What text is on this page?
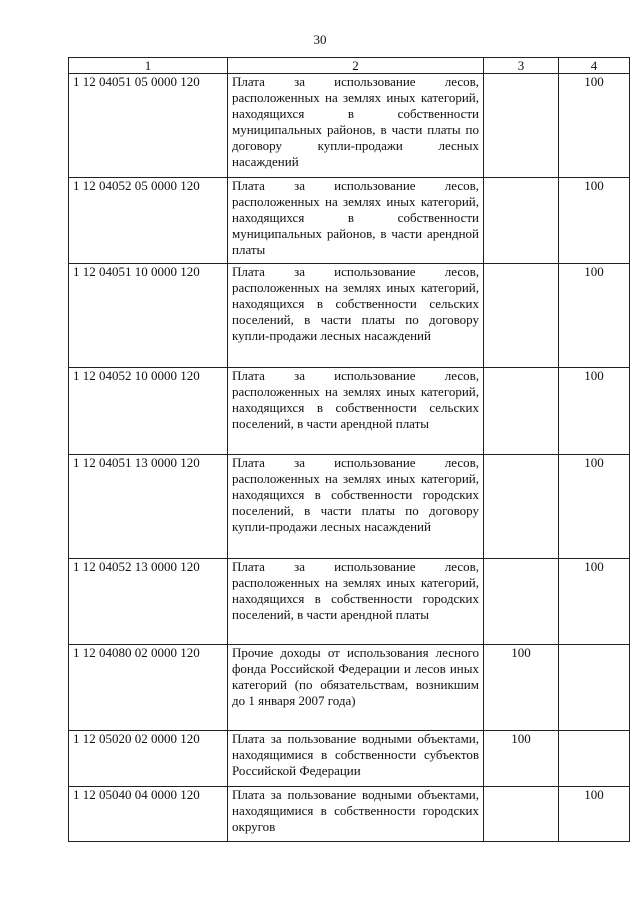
30
1	2	3	4
1 12 04051 05 0000 120	Плата за использование лесов, расположенных на землях иных категорий, находящихся в собственности муниципальных районов, в части платы по договору купли-продажи лесных насаждений		100
1 12 04052 05 0000 120	Плата за использование лесов, расположенных на землях иных категорий, находящихся в собственности муниципальных районов, в части арендной платы		100
1 12 04051 10 0000 120	Плата за использование лесов, расположенных на землях иных категорий, находящихся в собственности сельских поселений, в части платы по договору купли-продажи лесных насаждений		100
1 12 04052 10 0000 120	Плата за использование лесов, расположенных на землях иных категорий, находящихся в собственности сельских поселений, в части арендной платы		100
1 12 04051 13 0000 120	Плата за использование лесов, расположенных на землях иных категорий, находящихся в собственности городских поселений, в части платы по договору купли-продажи лесных насаждений		100
1 12 04052 13 0000 120	Плата за использование лесов, расположенных на землях иных категорий, находящихся в собственности городских поселений, в части арендной платы		100
1 12 04080 02 0000 120	Прочие доходы от использования лесного фонда Российской Федерации и лесов иных категорий (по обязательствам, возникшим до 1 января 2007 года)	100	
1 12 05020 02 0000 120	Плата за пользование водными объектами, находящимися в собственности субъектов Российской Федерации	100	
1 12 05040 04 0000 120	Плата за пользование водными объектами, находящимися в собственности городских округов		100
